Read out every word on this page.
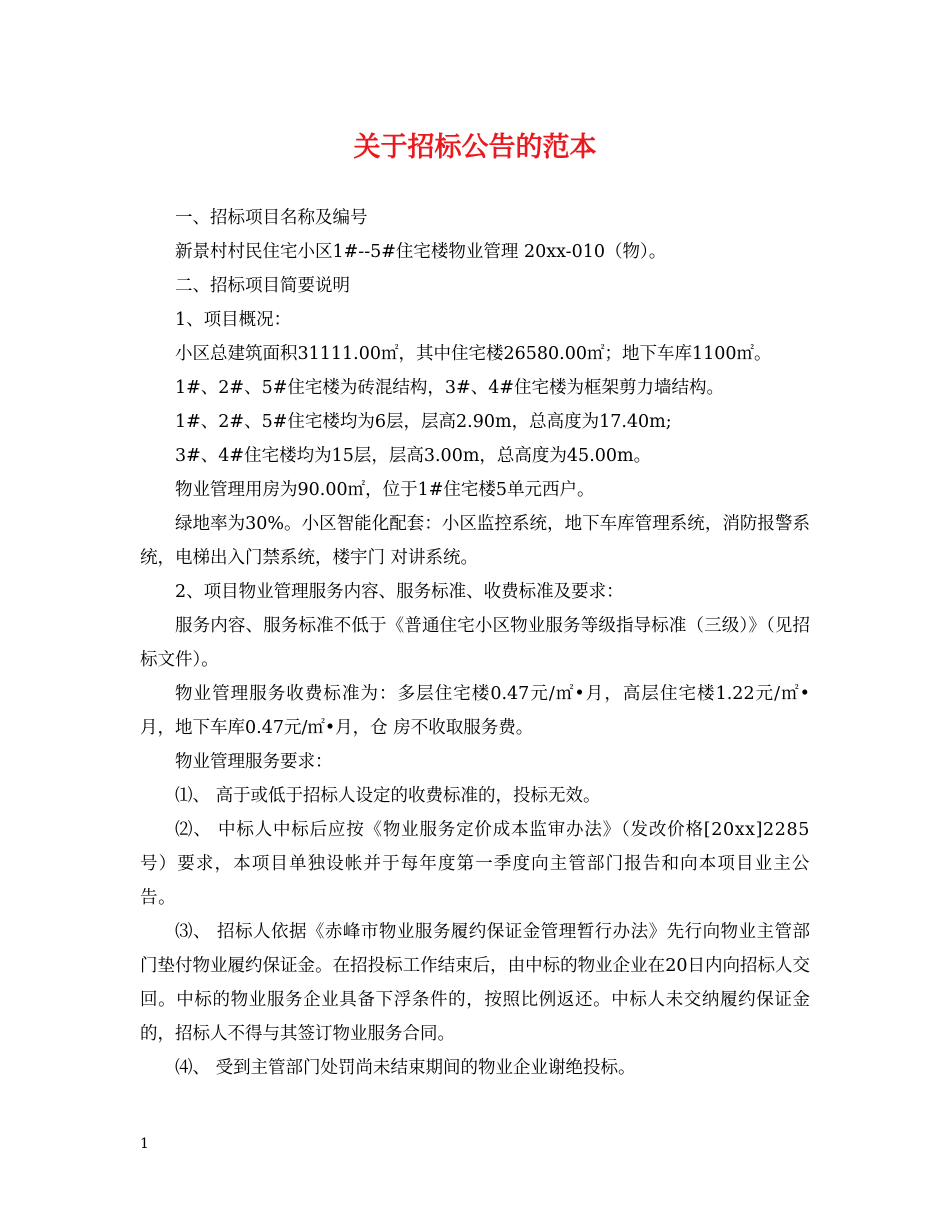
关于招标公告的范本

一、招标项目名称及编号

新景村村民住宅小区1#--5#住宅楼物业管理 20xx-010（物）。

二、招标项目简要说明

1、项目概况：

小区总建筑面积31111.00㎡，其中住宅楼26580.00㎡；地下车库1100㎡。

1#、2#、5#住宅楼为砖混结构，3#、4#住宅楼为框架剪力墙结构。

1#、2#、5#住宅楼均为6层，层高2.90m，总高度为17.40m;

3#、4#住宅楼均为15层，层高3.00m，总高度为45.00m。

物业管理用房为90.00㎡，位于1#住宅楼5单元西户。

绿地率为30%。小区智能化配套：小区监控系统，地下车库管理系统，消防报警系统，电梯出入门禁系统，楼宇门 对讲系统。

2、项目物业管理服务内容、服务标准、收费标准及要求：

服务内容、服务标准不低于《普通住宅小区物业服务等级指导标准（三级）》（见招标文件）。

物业管理服务收费标准为：多层住宅楼0.47元/㎡•月，高层住宅楼1.22元/㎡•月，地下车库0.47元/㎡•月，仓 房不收取服务费。

物业管理服务要求：

⑴、 高于或低于招标人设定的收费标准的，投标无效。

⑵、 中标人中标后应按《物业服务定价成本监审办法》（发改价格[20xx]2285号）要求，本项目单独设帐并于每年度第一季度向主管部门报告和向本项目业主公告。

⑶、 招标人依据《赤峰市物业服务履约保证金管理暂行办法》先行向物业主管部门垫付物业履约保证金。在招投标工作结束后，由中标的物业企业在20日内向招标人交回。中标的物业服务企业具备下浮条件的，按照比例返还。中标人未交纳履约保证金的，招标人不得与其签订物业服务合同。

⑷、 受到主管部门处罚尚未结束期间的物业企业谢绝投标。

1
